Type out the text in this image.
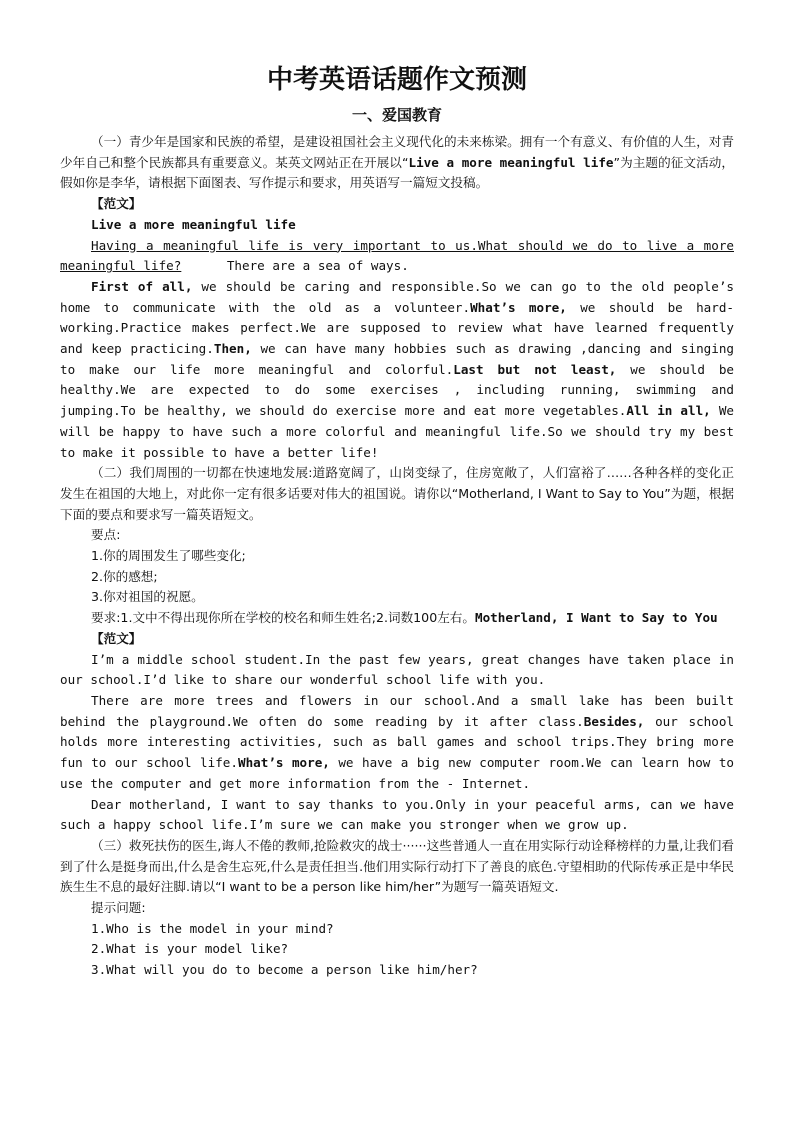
中考英语话题作文预测
一、爱国教育

（一）青少年是国家和民族的希望，是建设祖国社会主义现代化的未来栋梁。拥有一个有意义、有价值的人生，对青少年自己和整个民族都具有重要意义。某英文网站正在开展以“Live a more meaningful life”为主题的征文活动，假如你是李华，请根据下面图表、写作提示和要求，用英语写一篇短文投稿。

【范文】

Live a more meaningful life

Having a meaningful life is very important to us.What should we do to live a more meaningful life?	There are a sea of ways.

First of all, we should be caring and responsible.So we can go to the old people’s home to communicate with the old as a volunteer.What’s more, we should be hard-working.Practice makes perfect.We are supposed to review what have learned frequently and keep practicing.Then, we can have many hobbies such as drawing ,dancing and singing to make our life more meaningful and colorful.Last but not least, we should be healthy.We are expected to do some exercises , including running, swimming and jumping.To be healthy, we should do exercise more and eat more vegetables.All in all, We will be happy to have such a more colorful and meaningful life.So we should try my best to make it possible to have a better life!

（二）我们周围的一切都在快速地发展:道路宽阔了，山岗变绿了，住房宽敞了，人们富裕了……各种各样的变化正发生在祖国的大地上，对此你一定有很多话要对伟大的祖国说。请你以“Motherland, I Want to Say to You”为题，根据下面的要点和要求写一篇英语短文。

要点:

1.你的周围发生了哪些变化;

2.你的感想;

3.你对祖国的祝愿。

要求:1.文中不得出现你所在学校的校名和师生姓名;2.词数100左右。Motherland, I Want to Say to You

【范文】

I’m a middle school student.In the past few years, great changes have taken place in our school.I’d like to share our wonderful school life with you.

There are more trees and flowers in our school.And a small lake has been built behind the playground.We often do some reading by it after class.Besides, our school holds more interesting activities, such as ball games and school trips.They bring more fun to our school life.What’s more, we have a big new computer room.We can learn how to use the computer and get more information from the - Internet.

Dear motherland, I want to say thanks to you.Only in your peaceful arms, can we have such a happy school life.I’m sure we can make you stronger when we grow up.

（三）救死扶伤的医生,诲人不倦的教师,抢险救灾的战士······这些普通人一直在用实际行动诠释榜样的力量,让我们看到了什么是挺身而出,什么是舍生忘死,什么是责任担当.他们用实际行动打下了善良的底色.守望相助的代际传承正是中华民族生生不息的最好注脚.请以“I want to be a person like him/her”为题写一篇英语短文.

提示问题:

1.Who is the model in your mind?

2.What is your model like?

3.What will you do to become a person like him/her?
